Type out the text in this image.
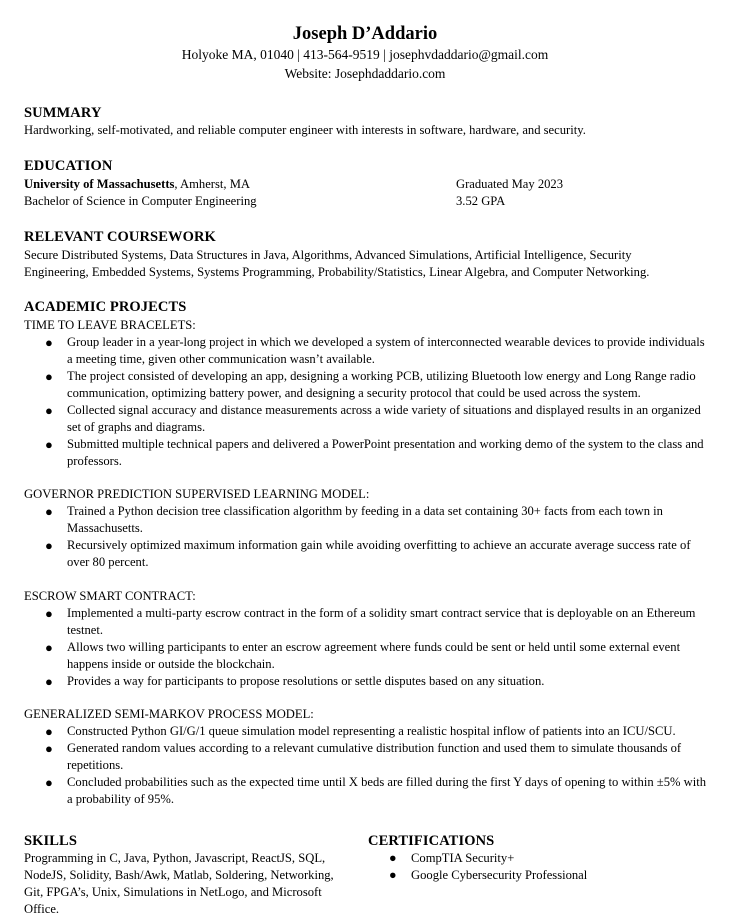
Joseph D’Addario
Holyoke MA, 01040 | 413-564-9519 | josephvdaddario@gmail.com
Website: Josephdaddario.com
SUMMARY
Hardworking, self-motivated, and reliable computer engineer with interests in software, hardware, and security.
EDUCATION
University of Massachusetts, Amherst, MA
Bachelor of Science in Computer Engineering
Graduated May 2023
3.52 GPA
RELEVANT COURSEWORK
Secure Distributed Systems, Data Structures in Java, Algorithms, Advanced Simulations, Artificial Intelligence, Security
Engineering, Embedded Systems, Systems Programming, Probability/Statistics, Linear Algebra, and Computer Networking.
ACADEMIC PROJECTS
TIME TO LEAVE BRACELETS:
● Group leader in a year-long project in which we developed a system of interconnected wearable devices to provide individuals a meeting time, given other communication wasn’t available.
● The project consisted of developing an app, designing a working PCB, utilizing Bluetooth low energy and Long Range radio communication, optimizing battery power, and designing a security protocol that could be used across the system.
● Collected signal accuracy and distance measurements across a wide variety of situations and displayed results in an organized set of graphs and diagrams.
● Submitted multiple technical papers and delivered a PowerPoint presentation and working demo of the system to the class and professors.
GOVERNOR PREDICTION SUPERVISED LEARNING MODEL:
● Trained a Python decision tree classification algorithm by feeding in a data set containing 30+ facts from each town in Massachusetts.
● Recursively optimized maximum information gain while avoiding overfitting to achieve an accurate average success rate of over 80 percent.
ESCROW SMART CONTRACT:
● Implemented a multi-party escrow contract in the form of a solidity smart contract service that is deployable on an Ethereum testnet.
● Allows two willing participants to enter an escrow agreement where funds could be sent or held until some external event happens inside or outside the blockchain.
● Provides a way for participants to propose resolutions or settle disputes based on any situation.
GENERALIZED SEMI-MARKOV PROCESS MODEL:
● Constructed Python GI/G/1 queue simulation model representing a realistic hospital inflow of patients into an ICU/SCU.
● Generated random values according to a relevant cumulative distribution function and used them to simulate thousands of repetitions.
● Concluded probabilities such as the expected time until X beds are filled during the first Y days of opening to within ±5% with a probability of 95%.
SKILLS
Programming in C, Java, Python, Javascript, ReactJS, SQL, NodeJS, Solidity, Bash/Awk, Matlab, Soldering, Networking, Git, FPGA’s, Unix, Simulations in NetLogo, and Microsoft Office.
CERTIFICATIONS
● CompTIA Security+
● Google Cybersecurity Professional
